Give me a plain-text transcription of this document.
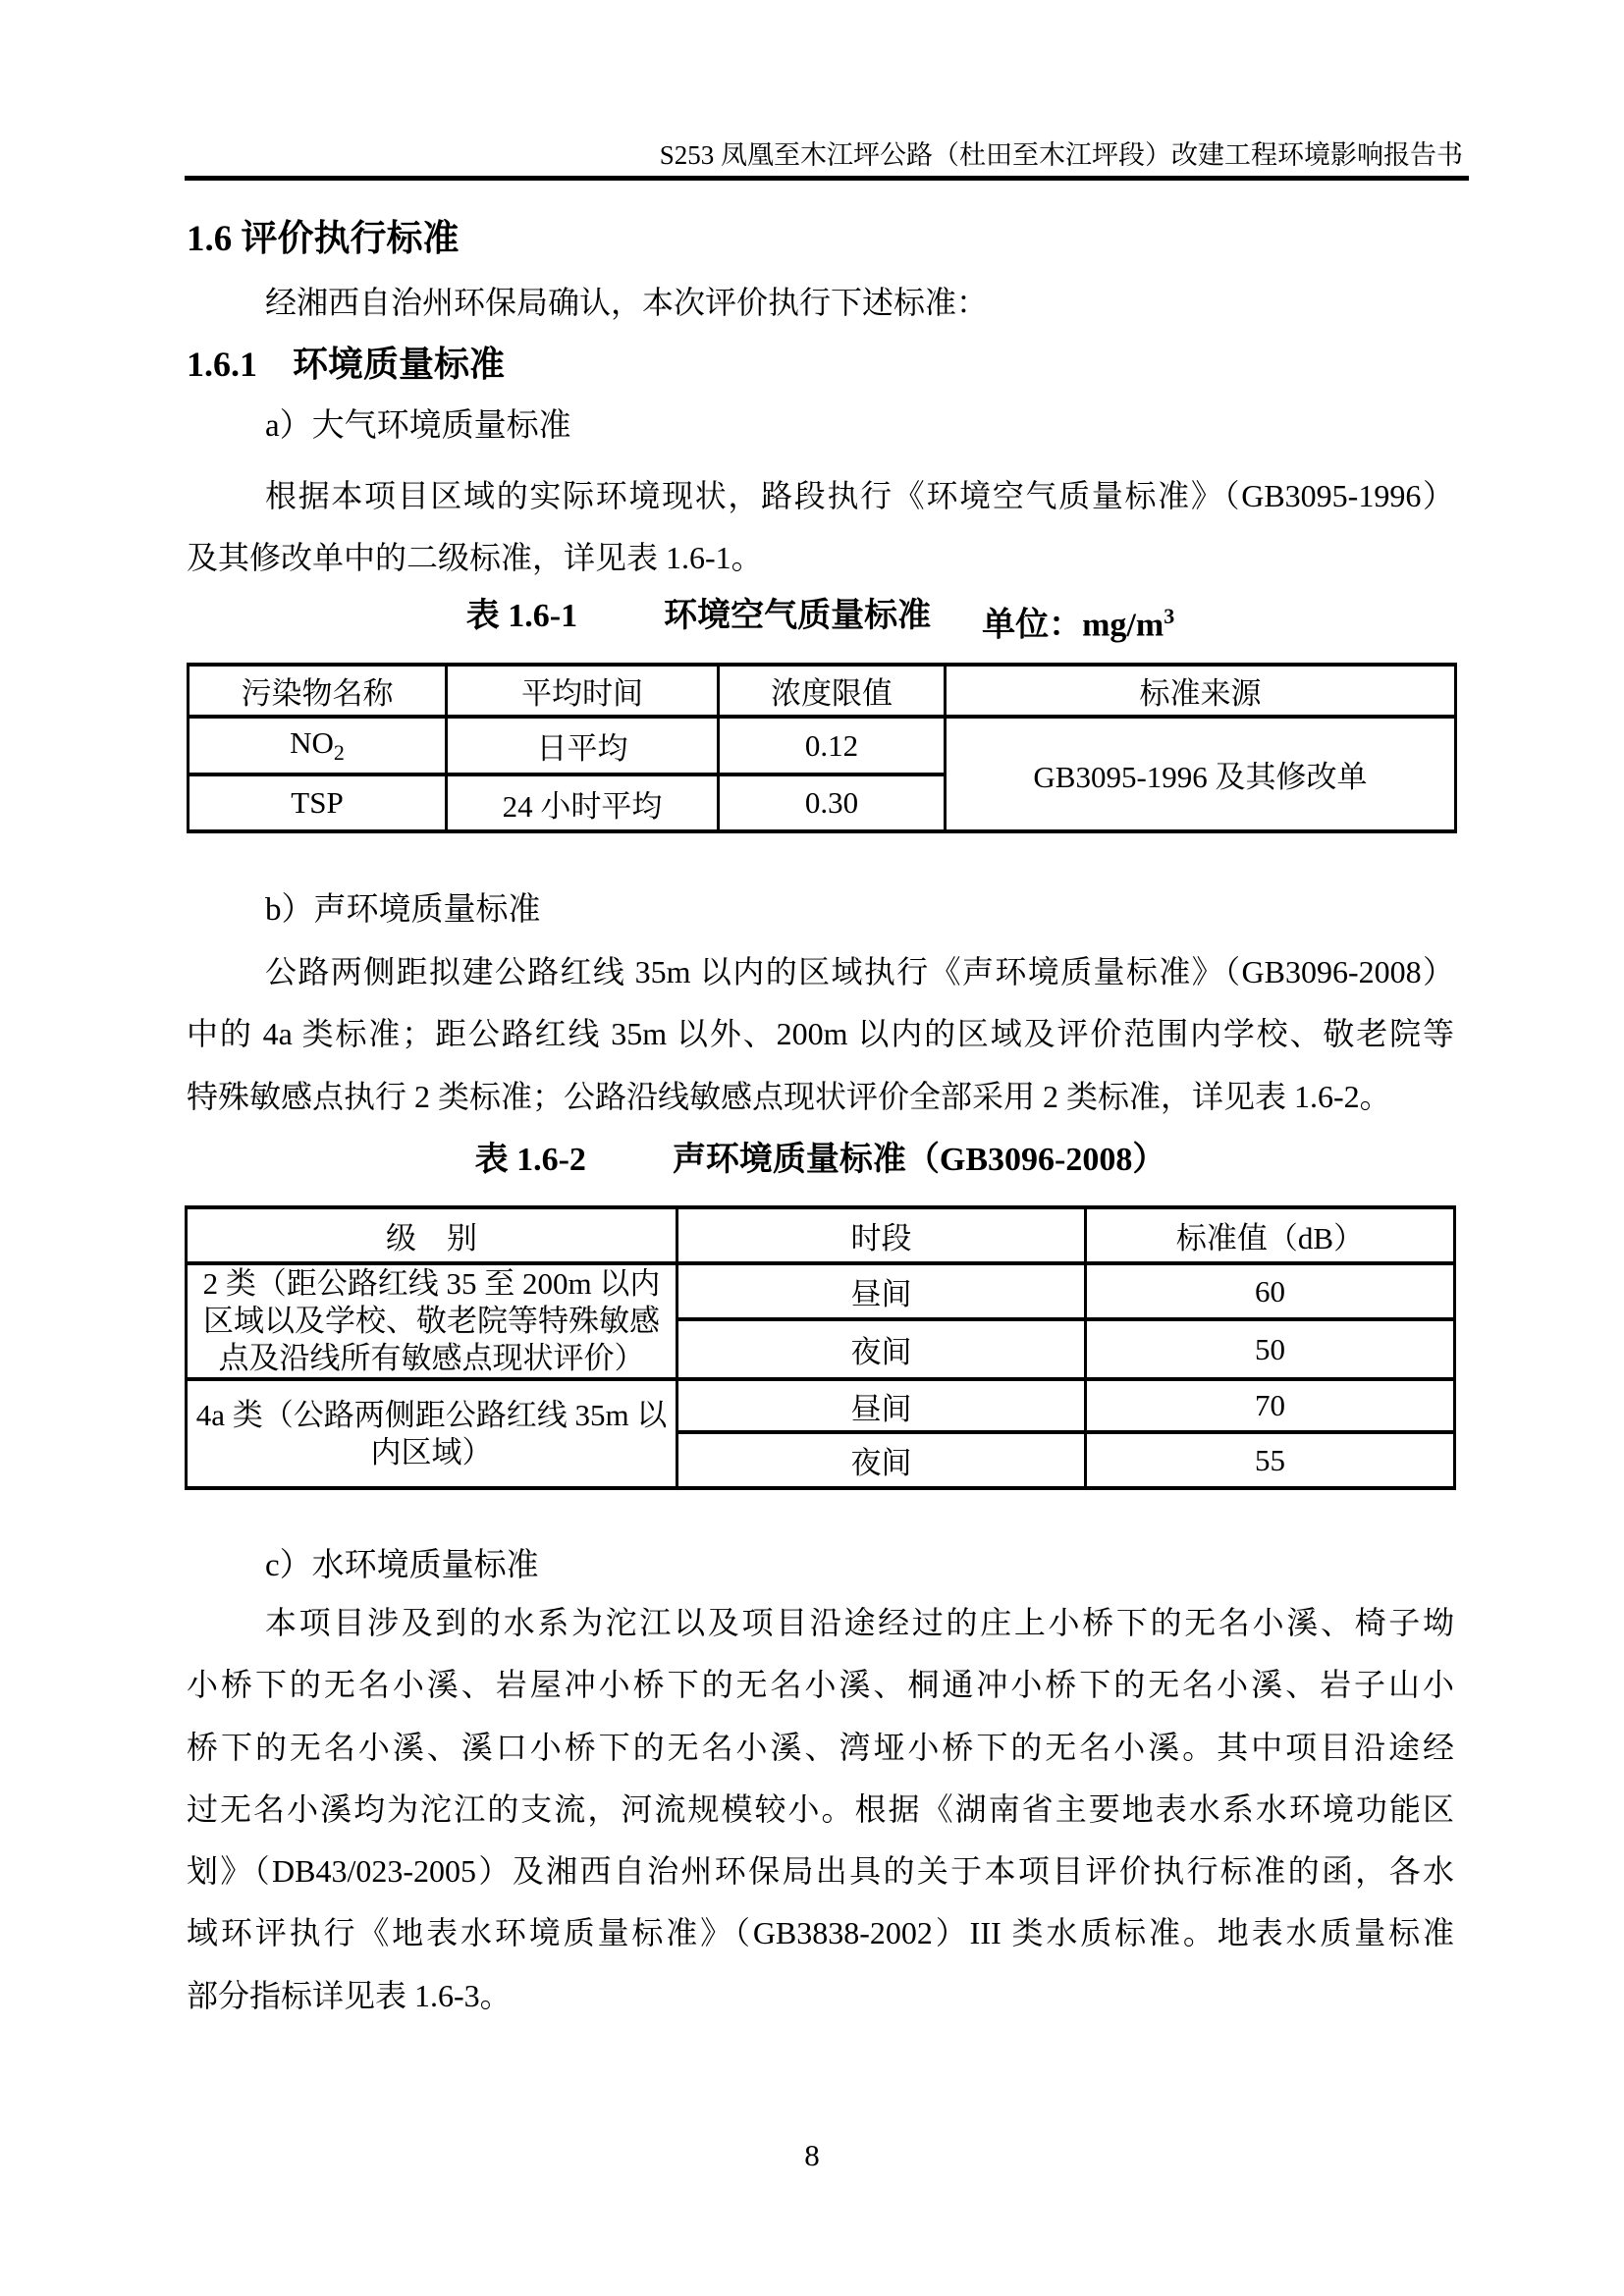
S253 凤凰至木江坪公路（杜田至木江坪段）改建工程环境影响报告书
1.6 评价执行标准
经湘西自治州环保局确认，本次评价执行下述标准：
1.6.1　环境质量标准
a）大气环境质量标准
根据本项目区域的实际环境现状，路段执行《环境空气质量标准》（GB3095-1996）
及其修改单中的二级标准，详见表 1.6-1。
表 1.6-1	环境空气质量标准 单位：$mg/m^3$
污染物名称	平均时间	浓度限值	标准来源
$NO_2$	日平均	0.12	GB3095-1996 及其修改单
TSP	24 小时平均	0.30	
b）声环境质量标准
公路两侧距拟建公路红线 35m 以内的区域执行《声环境质量标准》（GB3096-2008）
中的 4a 类标准；距公路红线 35m 以外、200m 以内的区域及评价范围内学校、敬老院等
特殊敏感点执行 2 类标准；公路沿线敏感点现状评价全部采用 2 类标准，详见表 1.6-2。
表 1.6-2	声环境质量标准（GB3096-2008）
级　别	时段	标准值（dB）
2 类（距公路红线 35 至 200m 以内区域以及学校、敬老院等特殊敏感点及沿线所有敏感点现状评价）	昼间	60
	夜间	50
4a 类（公路两侧距公路红线 35m 以内区域）	昼间	70
	夜间	55
c）水环境质量标准
本项目涉及到的水系为沱江以及项目沿途经过的庄上小桥下的无名小溪、椅子坳
小桥下的无名小溪、岩屋冲小桥下的无名小溪、桐通冲小桥下的无名小溪、岩子山小
桥下的无名小溪、溪口小桥下的无名小溪、湾垭小桥下的无名小溪。其中项目沿途经
过无名小溪均为沱江的支流，河流规模较小。根据《湖南省主要地表水系水环境功能区
划》（DB43/023-2005）及湘西自治州环保局出具的关于本项目评价执行标准的函，各水
域环评执行《地表水环境质量标准》（GB3838-2002）III 类水质标准。地表水质量标准
部分指标详见表 1.6-3。
8
